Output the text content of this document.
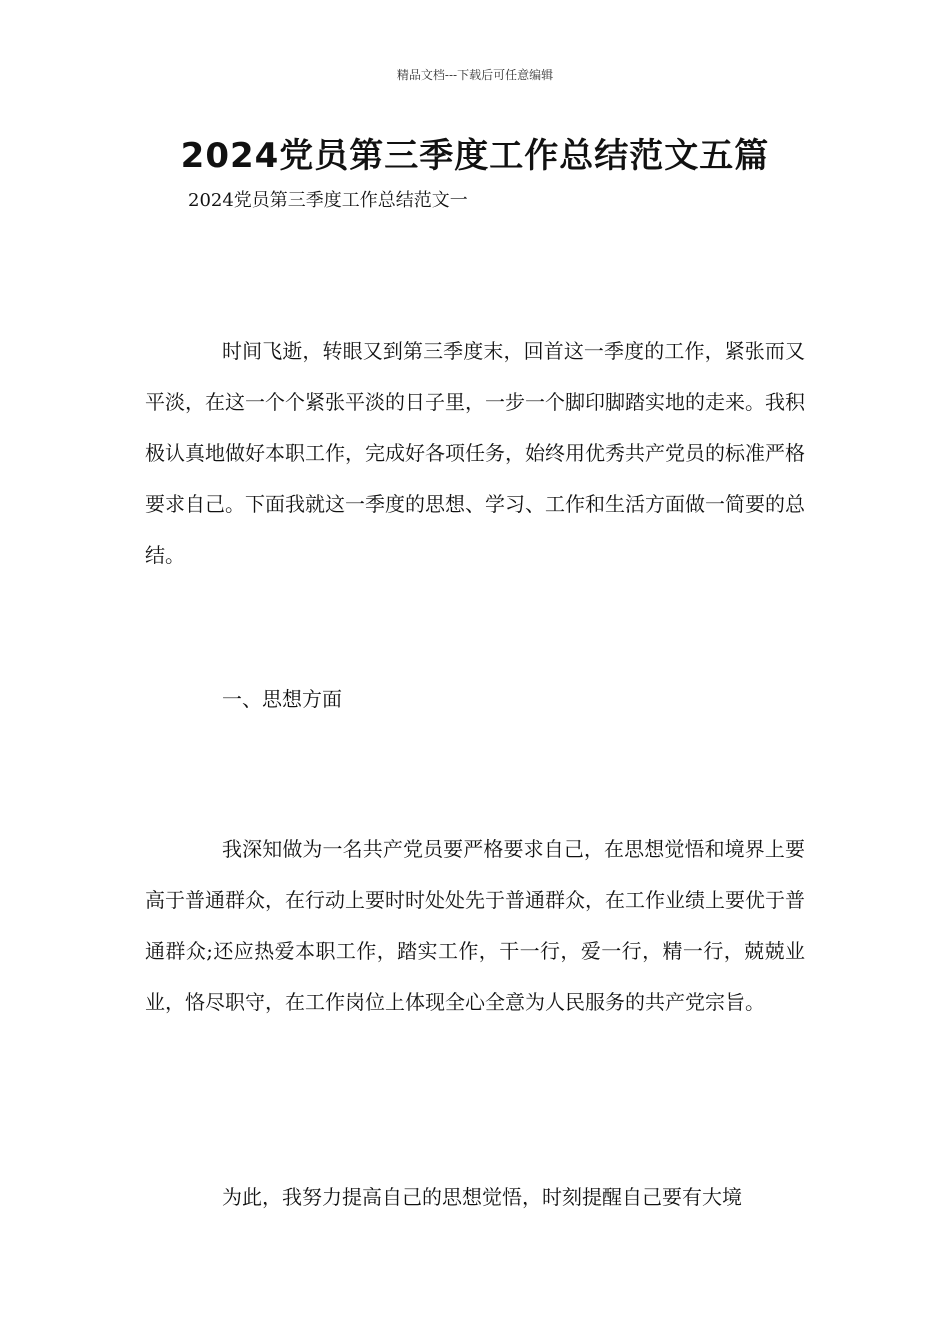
精品文档---下载后可任意编辑
2024党员第三季度工作总结范文五篇
2024党员第三季度工作总结范文一

时间飞逝，转眼又到第三季度末，回首这一季度的工作，紧张而又平淡，在这一个个紧张平淡的日子里，一步一个脚印脚踏实地的走来。我积极认真地做好本职工作，完成好各项任务，始终用优秀共产党员的标准严格要求自己。下面我就这一季度的思想、学习、工作和生活方面做一简要的总结。

一、思想方面

我深知做为一名共产党员要严格要求自己，在思想觉悟和境界上要高于普通群众，在行动上要时时处处先于普通群众，在工作业绩上要优于普通群众;还应热爱本职工作，踏实工作，干一行，爱一行，精一行，兢兢业业，恪尽职守，在工作岗位上体现全心全意为人民服务的共产党宗旨。

为此，我努力提高自己的思想觉悟，时刻提醒自己要有大境
